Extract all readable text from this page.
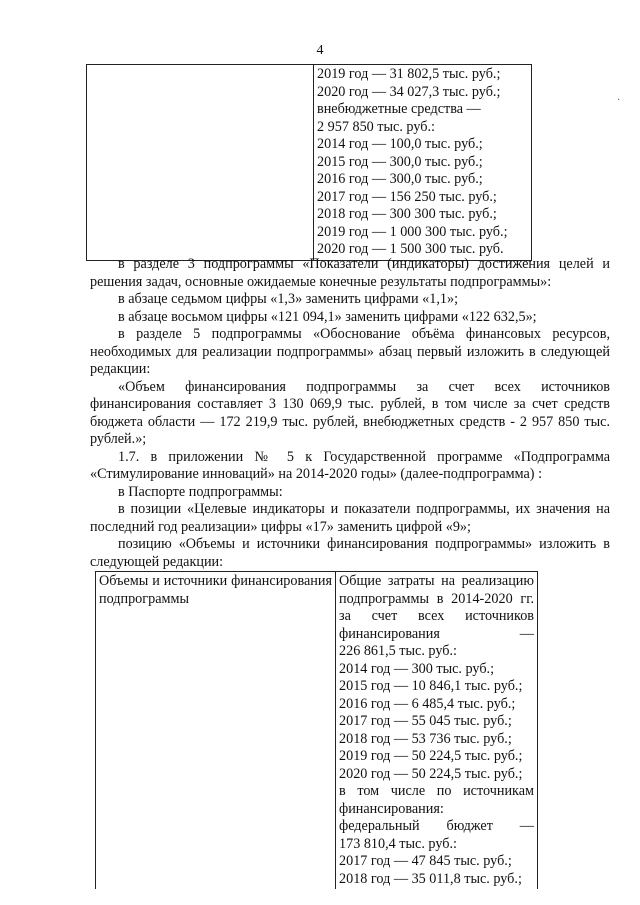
4
·

2019 год — 31 802,5 тыс. руб.;
2020 год — 34 027,3 тыс. руб.;
внебюджетные средства —
2 957 850 тыс. руб.:
2014 год — 100,0 тыс. руб.;
2015 год — 300,0 тыс. руб.;
2016 год — 300,0 тыс. руб.;
2017 год — 156 250 тыс. руб.;
2018 год — 300 300 тыс. руб.;
2019 год — 1 000 300 тыс. руб.;
2020 год — 1 500 300 тыс. руб.

в разделе 3 подпрограммы «Показатели (индикаторы) достижения целей и решения задач, основные ожидаемые конечные результаты подпрограммы»:

в абзаце седьмом цифры «1,3» заменить цифрами «1,1»;

в абзаце восьмом цифры «121 094,1» заменить цифрами «122 632,5»;

в разделе 5 подпрограммы «Обоснование объёма финансовых ресурсов, необходимых для реализации подпрограммы» абзац первый изложить в следующей редакции:

«Объем финансирования подпрограммы за счет всех источников финансирования составляет 3 130 069,9 тыс. рублей, в том числе за счет средств бюджета области — 172 219,9 тыс. рублей, внебюджетных средств - 2 957 850 тыс. рублей.»;

1.7. в приложении № 5 к Государственной программе «Подпрограмма «Стимулирование инноваций» на 2014-2020 годы» (далее-подпрограмма) :

в Паспорте подпрограммы:

в позиции «Целевые индикаторы и показатели подпрограммы, их значения на последний год реализации» цифры «17» заменить цифрой «9»;

позицию «Объемы и источники финансирования подпрограммы» изложить в следующей редакции:

Объемы и источники финансирования подпрограммы

Общие затраты на реализацию подпрограммы в 2014-2020 гг. за счет всех источников финансирования —
226 861,5 тыс. руб.:
2014 год — 300 тыс. руб.;
2015 год — 10 846,1 тыс. руб.;
2016 год — 6 485,4 тыс. руб.;
2017 год — 55 045 тыс. руб.;
2018 год — 53 736 тыс. руб.;
2019 год — 50 224,5 тыс. руб.;
2020 год — 50 224,5 тыс. руб.;
в том числе по источникам финансирования:
федеральный бюджет —
173 810,4 тыс. руб.:
2017 год — 47 845 тыс. руб.;
2018 год — 35 011,8 тыс. руб.;
